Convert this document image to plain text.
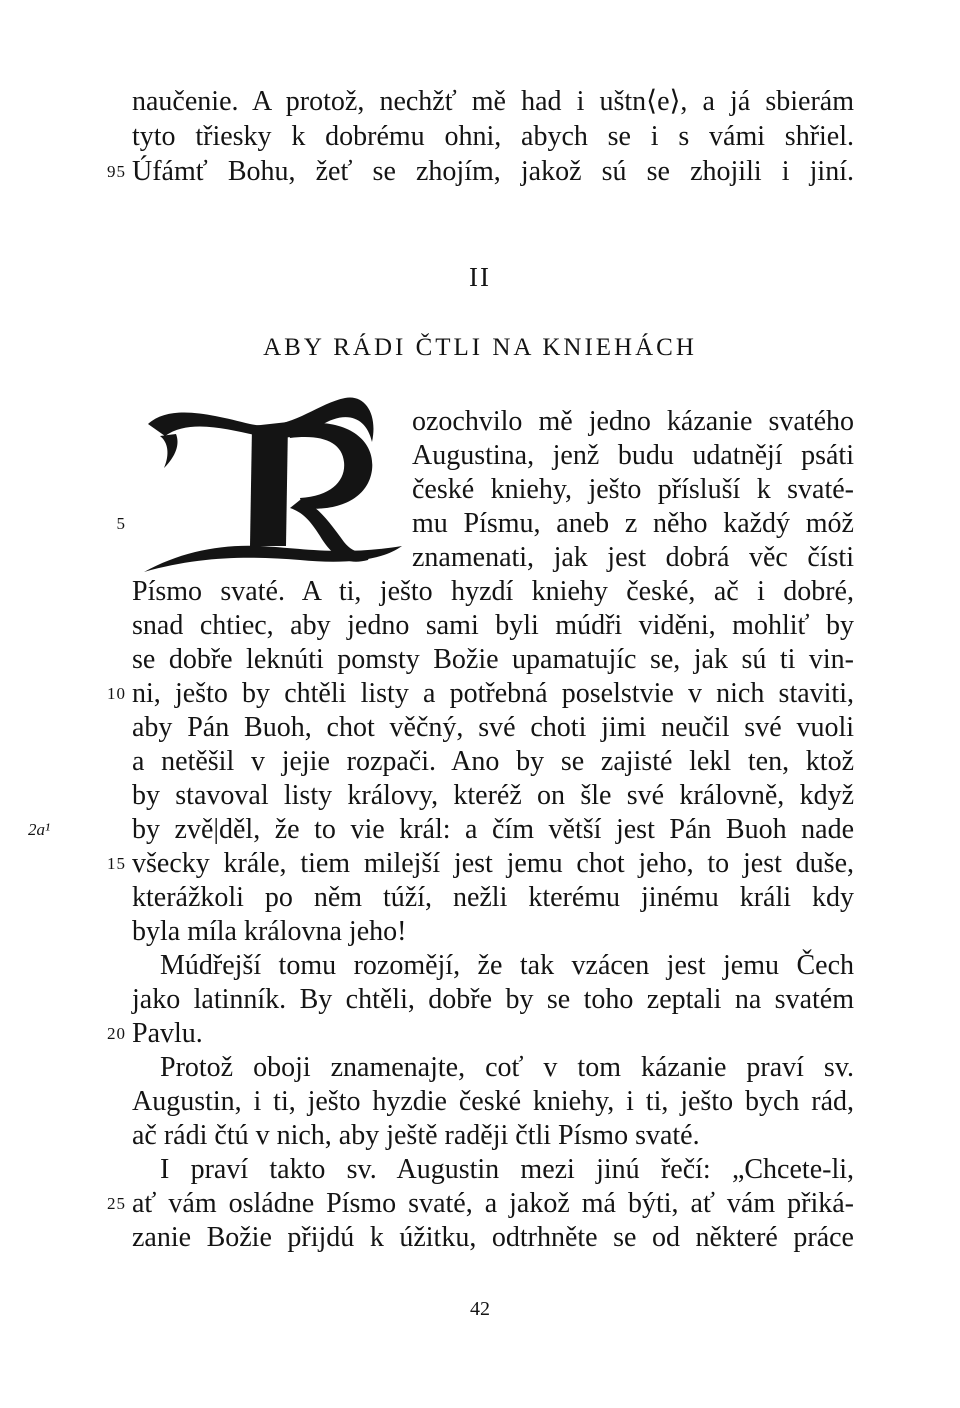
naučenie. A protož, nechžť mě had i uštn⟨e⟩, a já sbierám
tyto třiesky k dobrému ohni, abych se i s vámi shřiel.
Úfámť Bohu, žeť se zhojím, jakož sú se zhojili i jiní.
95
II
ABY RÁDI ČTLI NA KNIEHÁCH
ozochvilo mě jedno kázanie svatého
Augustina, jenž budu udatnějí psáti
české kniehy, ješto přísluší k svaté-
mu Písmu, aneb z něho každý móž
5
znamenati, jak jest dobrá věc čísti
Písmo svaté. A ti, ješto hyzdí kniehy české, ač i dobré,
snad chtiec, aby jedno sami byli múdři viděni, mohliť by
se dobře leknúti pomsty Božie upamatujíc se, jak sú ti vin-
ni, ješto by chtěli listy a potřebná poselstvie v nich staviti,
10
aby Pán Buoh, chot věčný, své choti jimi neučil své vuoli
a netěšil v jejie rozpači. Ano by se zajisté lekl ten, ktož
by stavoval listy královy, kteréž on šle své královně, když
by zvě|děl, že to vie král: a čím větší jest Pán Buoh nade
2a¹
všecky krále, tiem milejší jest jemu chot jeho, to jest duše,
15
kterážkoli po něm túží, nežli kterému jinému králi kdy
byla míla královna jeho!
Múdřejší tomu rozomějí, že tak vzácen jest jemu Čech
jako latinník. By chtěli, dobře by se toho zeptali na svatém
Pavlu.
20
Protož oboji znamenajte, coť v tom kázanie praví sv.
Augustin, i ti, ješto hyzdie české kniehy, i ti, ješto bych rád,
ač rádi čtú v nich, aby ještě raději čtli Písmo svaté.
I praví takto sv. Augustin mezi jinú řečí: „Chcete-li,
ať vám osládne Písmo svaté, a jakož má býti, ať vám přiká-
25
zanie Božie přijdú k úžitku, odtrhněte se od některé práce
42
